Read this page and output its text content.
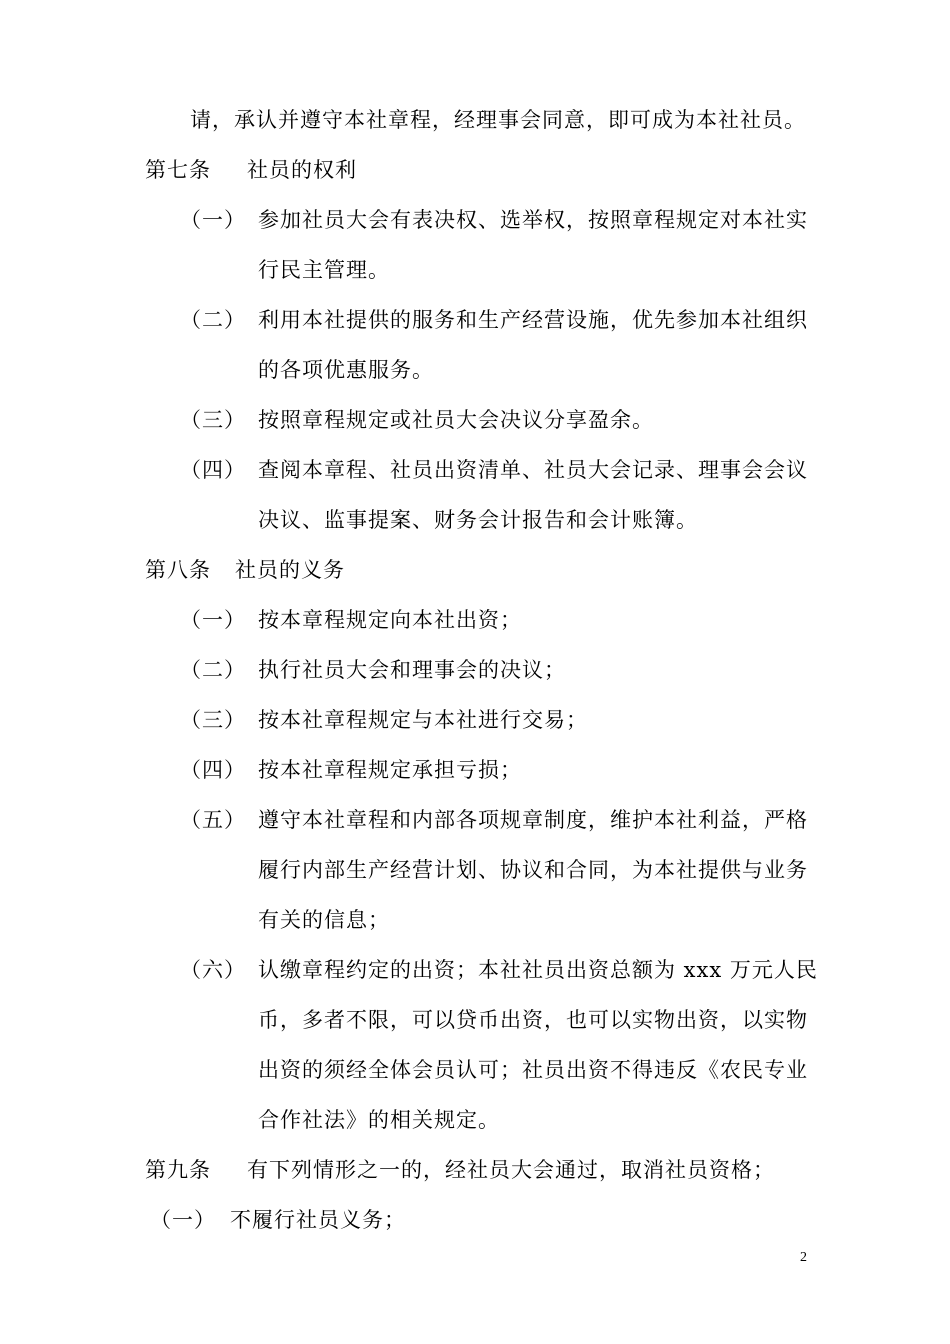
请，承认并遵守本社章程，经理事会同意，即可成为本社社员。
第七条 社员的权利
（一） 参加社员大会有表决权、选举权，按照章程规定对本社实
行民主管理。
（二） 利用本社提供的服务和生产经营设施，优先参加本社组织
的各项优惠服务。
（三） 按照章程规定或社员大会决议分享盈余。
（四） 查阅本章程、社员出资清单、社员大会记录、理事会会议
决议、监事提案、财务会计报告和会计账簿。
第八条 社员的义务
（一） 按本章程规定向本社出资；
（二） 执行社员大会和理事会的决议；
（三） 按本社章程规定与本社进行交易；
（四） 按本社章程规定承担亏损；
（五） 遵守本社章程和内部各项规章制度，维护本社利益，严格
履行内部生产经营计划、协议和合同，为本社提供与业务
有关的信息；
（六） 认缴章程约定的出资；本社社员出资总额为 xxx 万元人民
币，多者不限，可以贷币出资，也可以实物出资，以实物
出资的须经全体会员认可；社员出资不得违反《农民专业
合作社法》的相关规定。
第九条 有下列情形之一的，经社员大会通过，取消社员资格；
（一） 不履行社员义务；
2
